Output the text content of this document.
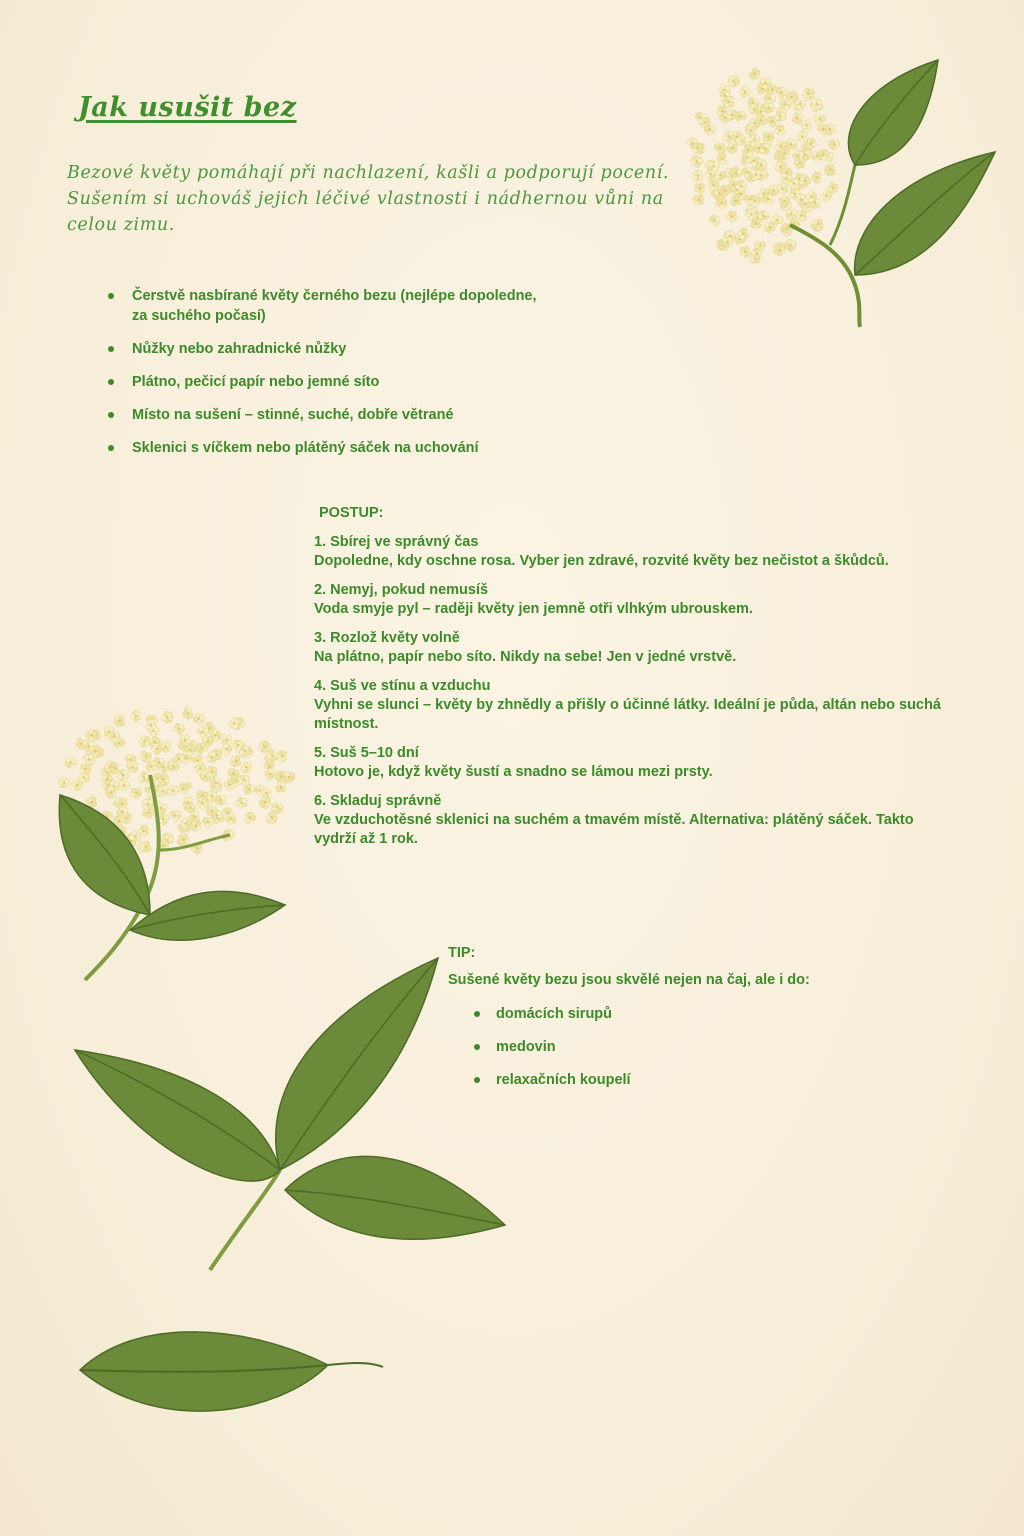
Jak usušit bez

Bezové květy pomáhají při nachlazení, kašli a podporují pocení. Sušením si uchováš jejich léčivé vlastnosti i nádhernou vůni na celou zimu.

Čerstvě nasbírané květy černého bezu (nejlépe dopoledne, za suchého počasí)
Nůžky nebo zahradnické nůžky
Plátno, pečicí papír nebo jemné síto
Místo na sušení – stinné, suché, dobře větrané
Sklenici s víčkem nebo plátěný sáček na uchování
POSTUP:
1. Sbírej ve správný čas
Dopoledne, kdy oschne rosa. Vyber jen zdravé, rozvité květy bez nečistot a škůdců.
2. Nemyj, pokud nemusíš
Voda smyje pyl – raději květy jen jemně otři vlhkým ubrouskem.
3. Rozlož květy volně
Na plátno, papír nebo síto. Nikdy na sebe! Jen v jedné vrstvě.
4. Suš ve stínu a vzduchu
Vyhni se slunci – květy by zhnědly a přišly o účinné látky. Ideální je půda, altán nebo suchá místnost.
5. Suš 5–10 dní
Hotovo je, když květy šustí a snadno se lámou mezi prsty.
6. Skladuj správně
Ve vzduchotěsné sklenici na suchém a tmavém místě. Alternativa: plátěný sáček. Takto vydrží až 1 rok.
TIP:
Sušené květy bezu jsou skvělé nejen na čaj, ale i do:
domácích sirupů
medovin
relaxačních koupelí
